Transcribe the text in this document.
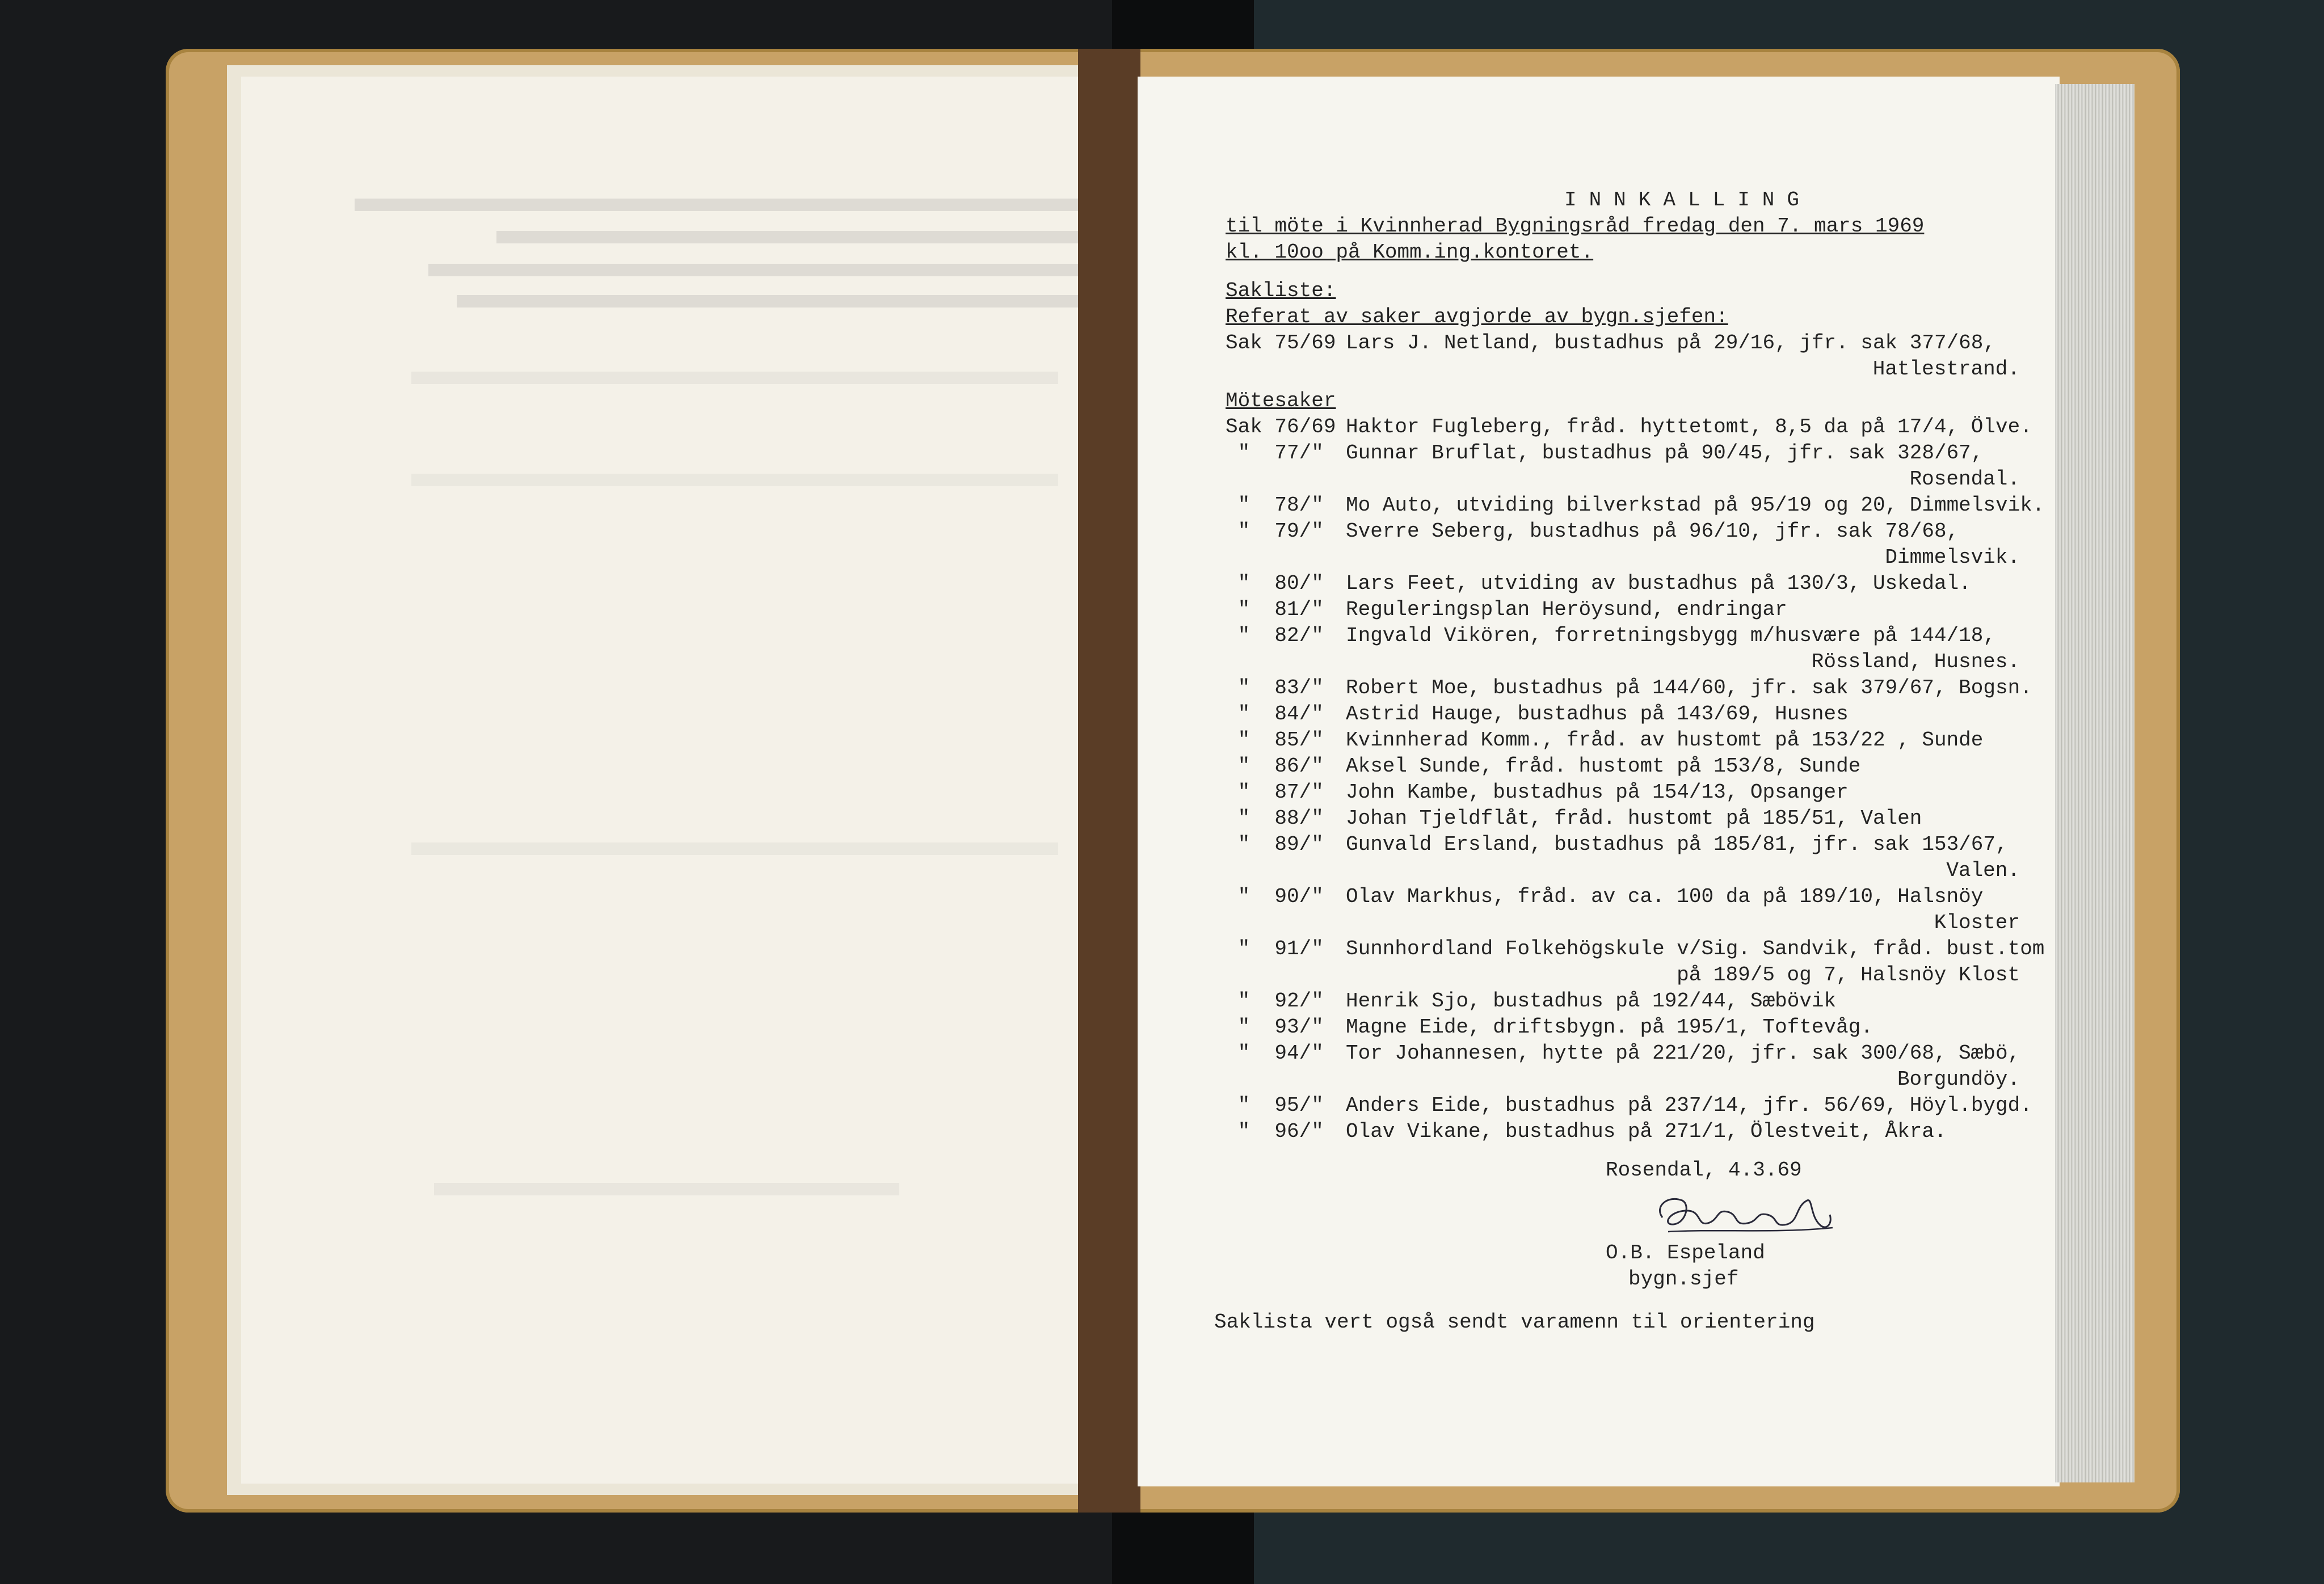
INNKALLING
til möte i Kvinnherad Bygningsråd fredag den 7. mars 1969
kl. 10oo på Komm.ing.kontoret.
Sakliste:
Referat av saker avgjorde av bygn.sjefen:
Sak 75/69 Lars J. Netland, bustadhus på 29/16, jfr. sak 377/68,
Hatlestrand.
Mötesaker
Sak 76/69 Haktor Fugleberg, fråd. hyttetomt, 8,5 da på 17/4, Ölve.
"  77/"	Gunnar Bruflat, bustadhus på 90/45, jfr. sak 328/67,
Rosendal.
"  78/"	Mo Auto, utviding bilverkstad på 95/19 og 20, Dimmelsvik.
"  79/"	Sverre Seberg, bustadhus på 96/10, jfr. sak 78/68,
Dimmelsvik.
"  80/"	Lars Feet, utviding av bustadhus på 130/3, Uskedal.
"  81/"	Reguleringsplan Heröysund, endringar
"  82/"	Ingvald Vikören, forretningsbygg m/husvære på 144/18,
Rössland, Husnes.
"  83/"	Robert Moe, bustadhus på 144/60, jfr. sak 379/67, Bogsn.
"  84/"	Astrid Hauge, bustadhus på 143/69, Husnes
"  85/"	Kvinnherad Komm., fråd. av hustomt på 153/22 , Sunde
"  86/"	Aksel Sunde, fråd. hustomt på 153/8, Sunde
"  87/"	John Kambe, bustadhus på 154/13, Opsanger
"  88/"	Johan Tjeldflåt, fråd. hustomt på 185/51, Valen
"  89/"	Gunvald Ersland, bustadhus på 185/81, jfr. sak 153/67,
Valen.
"  90/"	Olav Markhus, fråd. av ca. 100 da på 189/10, Halsnöy
Kloster
"  91/"	Sunnhordland Folkehögskule v/Sig. Sandvik, fråd. bust.tom
på 189/5 og 7, Halsnöy Klost
"  92/"	Henrik Sjo, bustadhus på 192/44, Sæbövik
"  93/"	Magne Eide, driftsbygn. på 195/1, Toftevåg.
"  94/"	Tor Johannesen, hytte på 221/20, jfr. sak 300/68, Sæbö,
Borgundöy.
"  95/"	Anders Eide, bustadhus på 237/14, jfr. 56/69, Höyl.bygd.
"  96/"	Olav Vikane, bustadhus på 271/1, Ölestveit, Åkra.
Rosendal, 4.3.69
O.B. Espeland
bygn.sjef
Saklista vert også sendt varamenn til orientering
